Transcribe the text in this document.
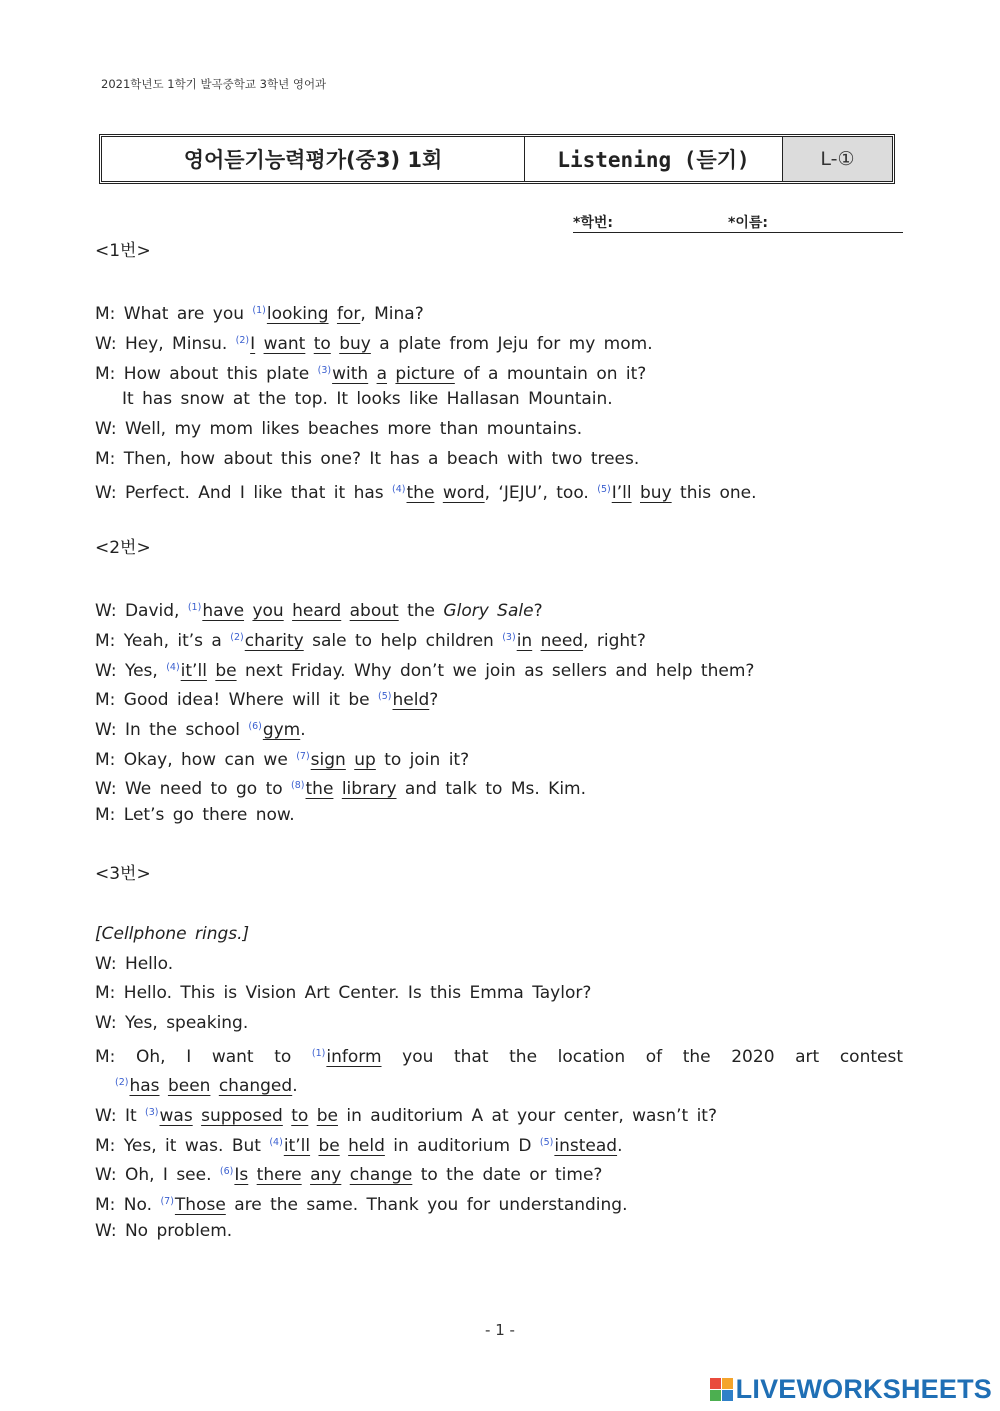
2021학년도 1학기 발곡중학교 3학년 영어과
영어듣기능력평가(중3) 1회	Listening (듣기)	L-①
*학번:	*이름:
<1번>
M: What are you $^{(1)}$looking for, Mina?
W: Hey, Minsu. $^{(2)}$I want to buy a plate from Jeju for my mom.
M: How about this plate $^{(3)}$with a picture of a mountain on it?
It has snow at the top. It looks like Hallasan Mountain.
W: Well, my mom likes beaches more than mountains.
M: Then, how about this one? It has a beach with two trees.
W: Perfect. And I like that it has $^{(4)}$the word, ‘JEJU’, too. $^{(5)}$I’ll buy this one.
<2번>
W: David, $^{(1)}$have you heard about the Glory Sale?
M: Yeah, it’s a $^{(2)}$charity sale to help children $^{(3)}$in need, right?
W: Yes, $^{(4)}$it’ll be next Friday. Why don’t we join as sellers and help them?
M: Good idea! Where will it be $^{(5)}$held?
W: In the school $^{(6)}$gym.
M: Okay, how can we $^{(7)}$sign up to join it?
W: We need to go to $^{(8)}$the library and talk to Ms. Kim.
M: Let’s go there now.
<3번>
[Cellphone rings.]
W: Hello.
M: Hello. This is Vision Art Center. Is this Emma Taylor?
W: Yes, speaking.
M: Oh, I want to $^{(1)}$inform you that the location of the 2020 art contest
$^{(2)}$has been changed.
W: It $^{(3)}$was supposed to be in auditorium A at your center, wasn’t it?
M: Yes, it was. But $^{(4)}$it’ll be held in auditorium D $^{(5)}$instead.
W: Oh, I see. $^{(6)}$Is there any change to the date or time?
M: No. $^{(7)}$Those are the same. Thank you for understanding.
W: No problem.
- 1 -
LIVEWORKSHEETS
